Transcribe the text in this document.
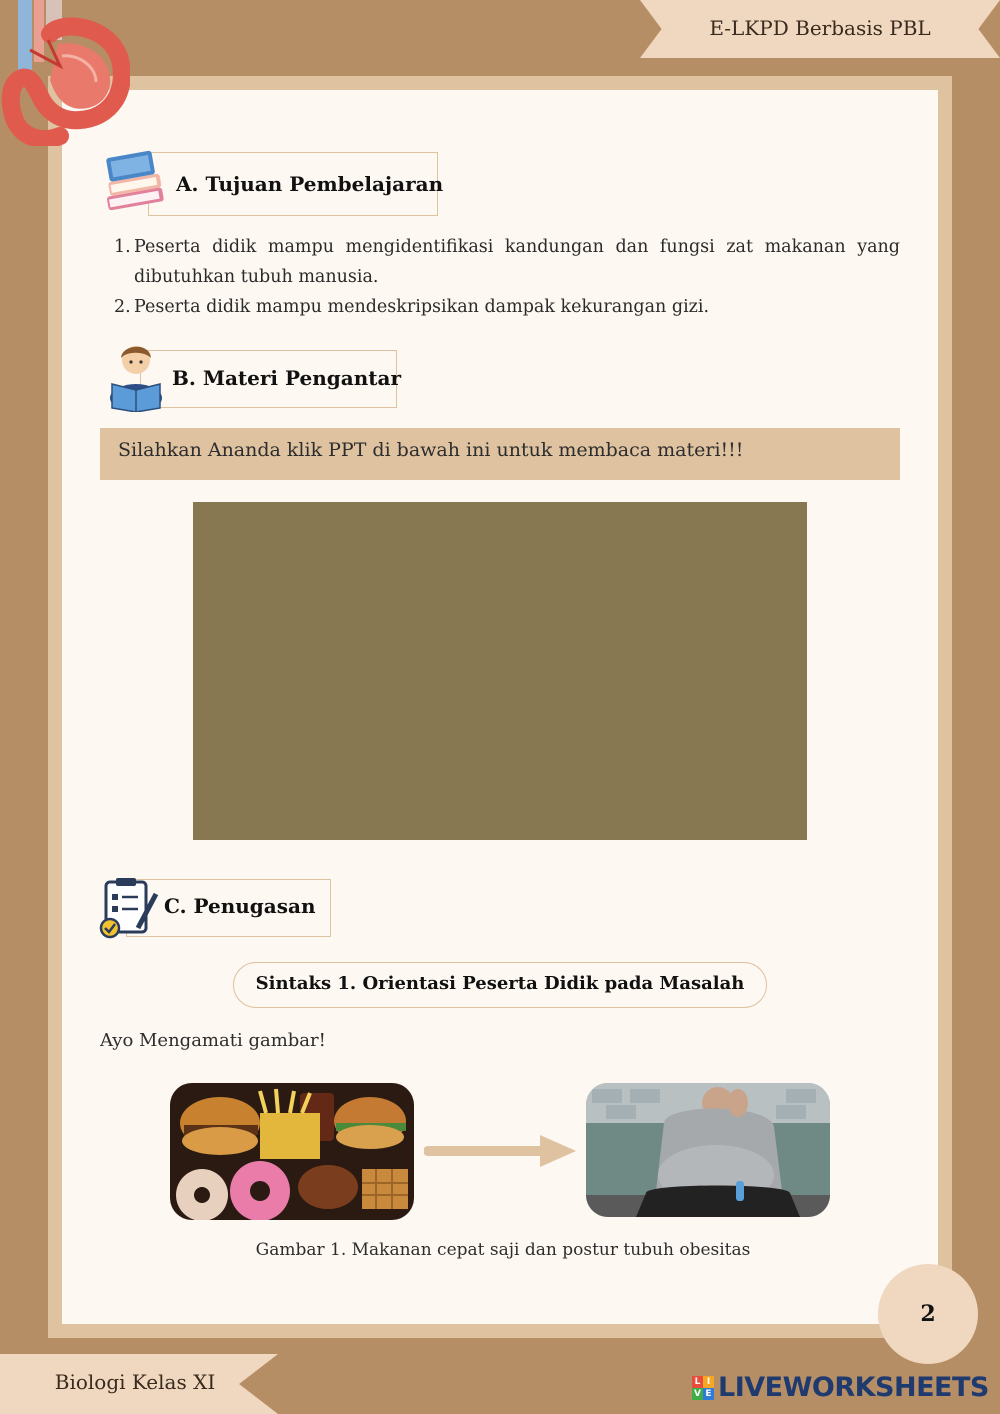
E-LKPD Berbasis PBL
A. Tujuan Pembelajaran
1. Peserta didik mampu mengidentifikasi kandungan dan fungsi zat makanan yang dibutuhkan tubuh manusia.
2. Peserta didik mampu mendeskripsikan dampak kekurangan gizi.
B. Materi Pengantar
Silahkan Ananda klik PPT di bawah ini untuk membaca materi!!!
C. Penugasan
Sintaks 1. Orientasi Peserta Didik pada Masalah
Ayo Mengamati gambar!
Gambar 1. Makanan cepat saji dan postur tubuh obesitas
2
Biologi Kelas XI	L I
V E LIVEWORKSHEETS
